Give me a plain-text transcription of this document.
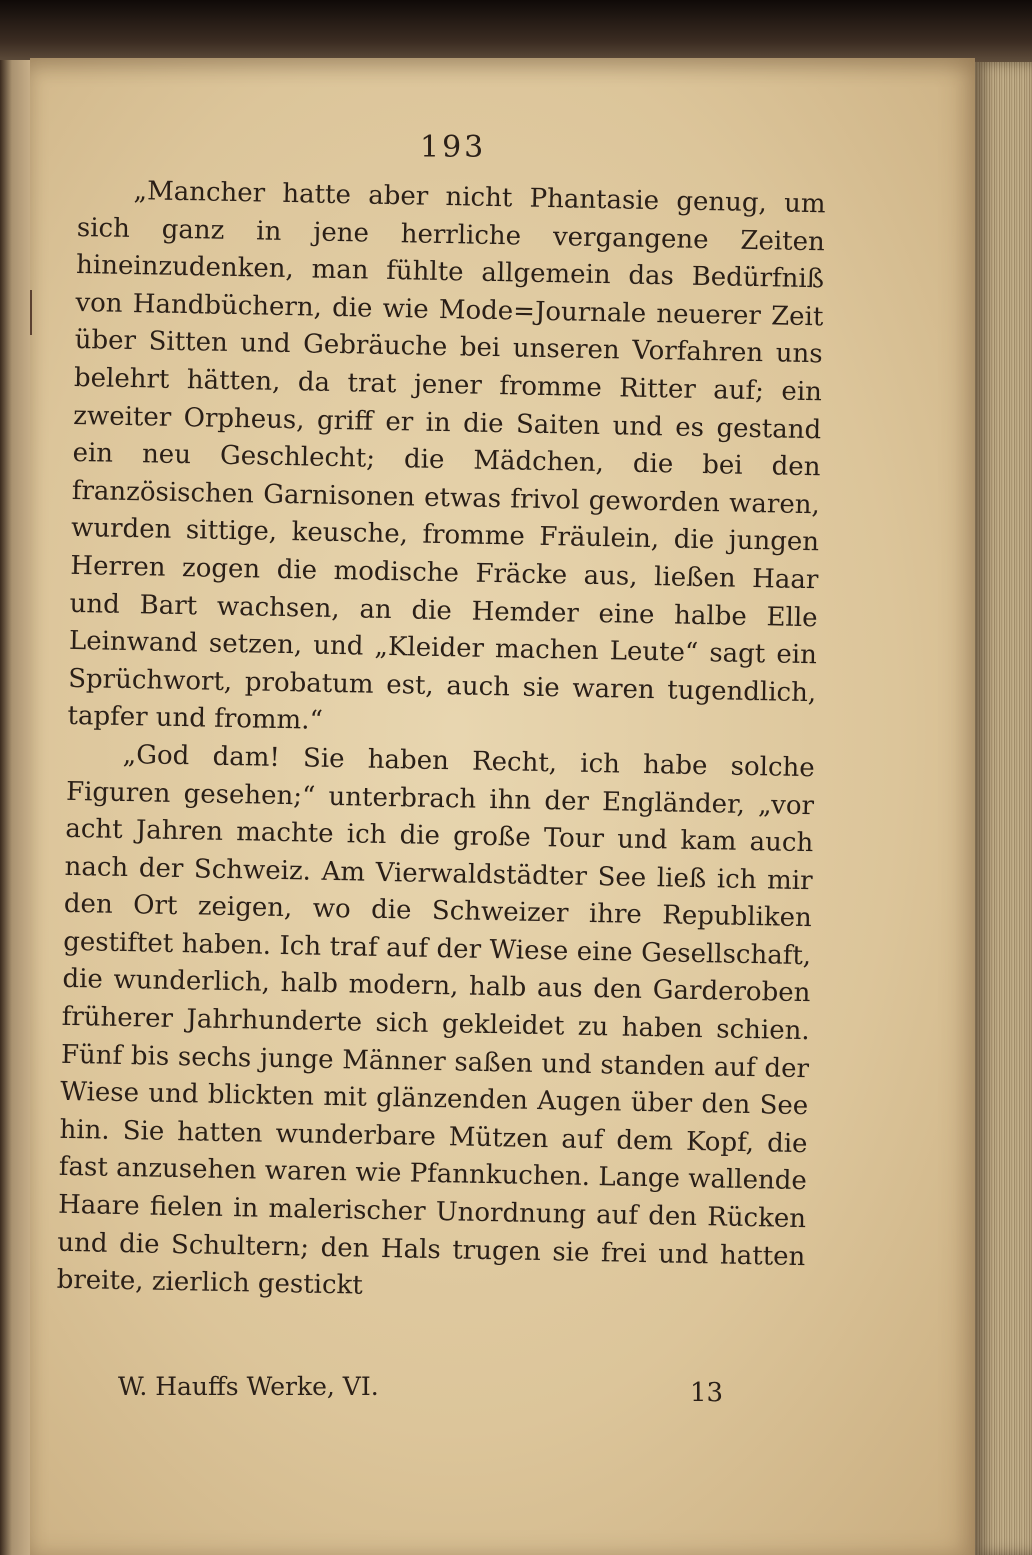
193

„Mancher hatte aber nicht Phantasie genug, um sich ganz in jene herrliche vergangene Zeiten hineinzudenken, man fühlte allgemein das Bedürfniß von Handbüchern, die wie Mode=Journale neuerer Zeit über Sitten und Gebräuche bei unseren Vorfahren uns belehrt hätten, da trat jener fromme Ritter auf; ein zweiter Orpheus, griff er in die Saiten und es gestand ein neu Geschlecht; die Mädchen, die bei den französischen Garnisonen etwas frivol geworden waren, wurden sittige, keusche, fromme Fräulein, die jungen Herren zogen die modische Fräcke aus, ließen Haar und Bart wachsen, an die Hemder eine halbe Elle Leinwand setzen, und „Kleider machen Leute“ sagt ein Sprüchwort, probatum est, auch sie waren tugendlich, tapfer und fromm.“

„God dam! Sie haben Recht, ich habe solche Figuren gesehen;“ unterbrach ihn der Engländer, „vor acht Jahren machte ich die große Tour und kam auch nach der Schweiz. Am Vierwaldstädter See ließ ich mir den Ort zeigen, wo die Schweizer ihre Republiken gestiftet haben. Ich traf auf der Wiese eine Gesellschaft, die wunderlich, halb modern, halb aus den Garderoben früherer Jahrhunderte sich gekleidet zu haben schien. Fünf bis sechs junge Männer saßen und standen auf der Wiese und blickten mit glänzenden Augen über den See hin. Sie hatten wunderbare Mützen auf dem Kopf, die fast anzusehen waren wie Pfannkuchen. Lange wallende Haare fielen in malerischer Unordnung auf den Rücken und die Schultern; den Hals trugen sie frei und hatten breite, zierlich gestickt

W. Hauffs Werke, VI.	13
